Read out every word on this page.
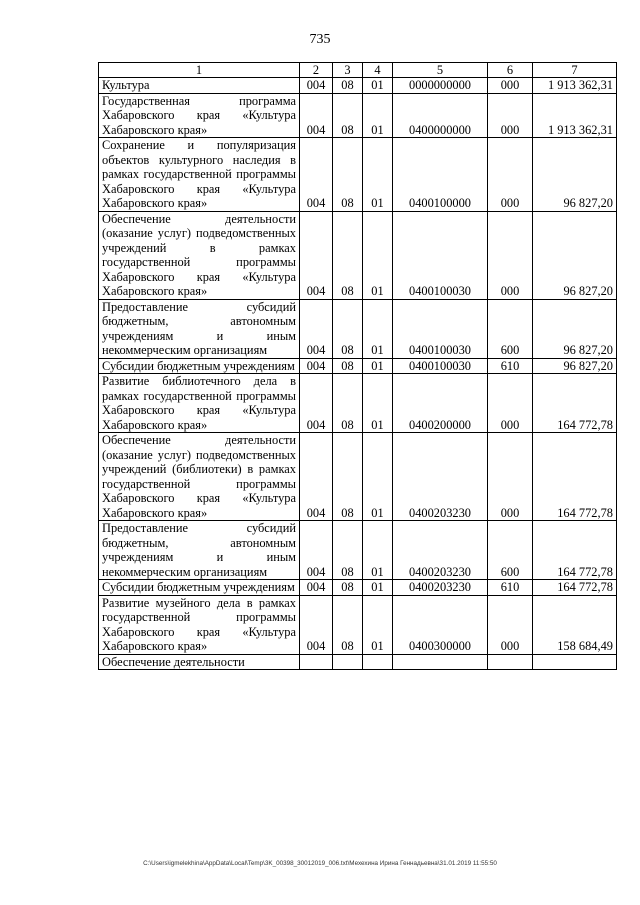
735
1	2	3	4	5	6	7
Культура	004	08	01	0000000000	000	1 913 362,31
Государственная программа Хабаровского края «Культура Хабаровского края»	004	08	01	0400000000	000	1 913 362,31
Сохранение и популяризация объектов культурного наследия в рамках государственной программы Хабаровского края «Культура Хабаровского края»	004	08	01	0400100000	000	96 827,20
Обеспечение деятельности (оказание услуг) подведомственных учреждений в рамках государственной программы Хабаровского края «Культура Хабаровского края»	004	08	01	0400100030	000	96 827,20
Предоставление субсидий бюджетным, автономным учреждениям и иным некоммерческим организациям	004	08	01	0400100030	600	96 827,20
Субсидии бюджетным учреждениям	004	08	01	0400100030	610	96 827,20
Развитие библиотечного дела в рамках государственной программы Хабаровского края «Культура Хабаровского края»	004	08	01	0400200000	000	164 772,78
Обеспечение деятельности (оказание услуг) подведомственных учреждений (библиотеки) в рамках государственной программы Хабаровского края «Культура Хабаровского края»	004	08	01	0400203230	000	164 772,78
Предоставление субсидий бюджетным, автономным учреждениям и иным некоммерческим организациям	004	08	01	0400203230	600	164 772,78
Субсидии бюджетным учреждениям	004	08	01	0400203230	610	164 772,78
Развитие музейного дела в рамках государственной программы Хабаровского края «Культура Хабаровского края»	004	08	01	0400300000	000	158 684,49
Обеспечение деятельности						
C:\Users\igmelekhina\AppData\Local\Temp\3K_00398_30012019_006.txt\Мехехина Ирина Геннадьевна\31.01.2019 11:55:50
